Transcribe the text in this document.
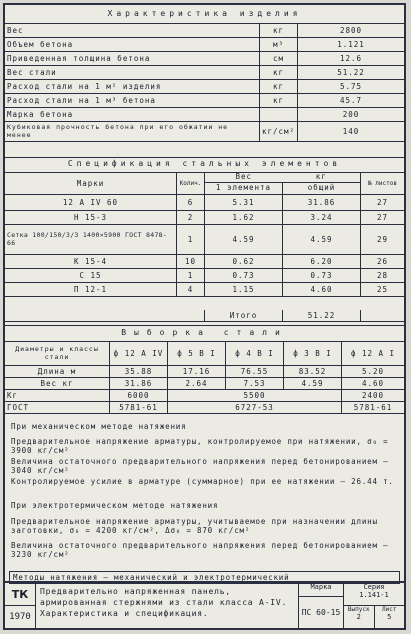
Характеристика изделия
Вес	кг	2800
Объем бетона	м³	1.121
Приведенная толщина бетона	см	12.6
Вес стали	кг	51.22
Расход стали на 1 м² изделия	кг	5.75
Расход стали на 1 м³ бетона	кг	45.7
Марка бетона	200
Кубиковая прочность бетона при его обжатии не менее	кг/см²	140
Спецификация стальных элементов
Марки	Колич.
Вес	кг
1 элемента	общий	№ листов
12 А IV 60	6	5.31	31.86	27
Н 15-3	2	1.62	3.24	27
Сетка 100/150/3/3 1400×5900 ГОСТ 8478-66	1	4.59	4.59	29
К 15-4	10	0.62	6.20	26
С 15	1	0.73	0.73	28
П 12-1	4	1.15	4.60	25
Итого	51.22
Выборка стали
Диаметры и классы стали	ф 12 А IV	ф 5 В I	ф 4 В I	ф 3 В I	ф 12 А I
Длина м	35.88	17.16	76.55	83.52	5.20
Вес кг	31.86	2.64	7.53	4.59	4.60
Кг	6000	5500	2400
ГОСТ	5781-61	6727-53	5781-61
При механическом методе натяжения
Предварительное напряжение арматуры, контролируемое при натяжении, σ₀ = 3900 кг/см²
Величина остаточного предварительного напряжения перед бетонированием — 3040 кг/см²
Контролируемое усилие в арматуре (суммарное) при ее натяжении — 26.44 т.
При электротермическом методе натяжения
Предварительное напряжение арматуры, учитываемое при назначении длины заготовки, σ₀ = 4200 кг/см², Δσ₀ = 870 кг/см²
Величина остаточного предварительного напряжения перед бетонированием — 3230 кг/см²
Методы натяжения — механический и электротермический
ТК
1970
Предварительно напряженная панель, армированная стержнями из стали класса А-IV. Характеристика и спецификация.
Марка
ПС 60-15
Серия
1.141-1
Выпуск
2
Лист
5
